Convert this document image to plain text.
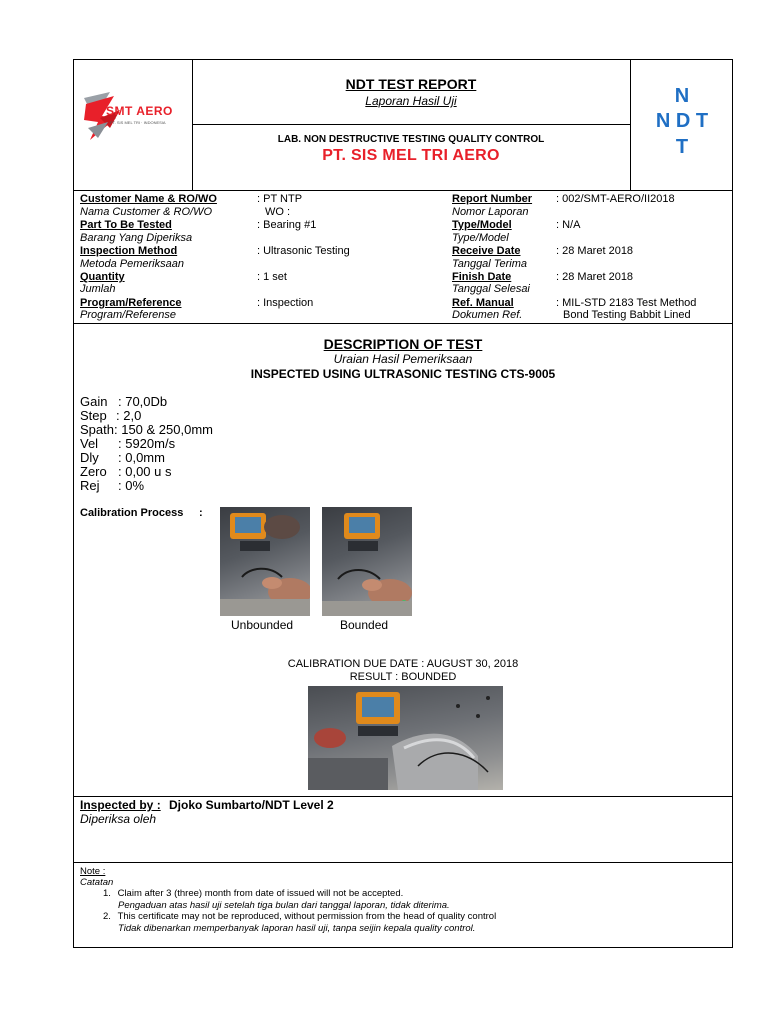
SMT AERO
PT. SIS MEL TRI · INDONESIA
NDT TEST REPORT
Laporan Hasil Uji
LAB. NON DESTRUCTIVE TESTING QUALITY CONTROL
PT. SIS MEL TRI AERO
N
N D T
T
Customer Name & RO/WO
Nama Customer & RO/WO
: PT NTP
WO :
Part To Be Tested
Barang Yang Diperiksa
: Bearing #1
Inspection Method
Metoda Pemeriksaan
: Ultrasonic Testing
Quantity
Jumlah
: 1 set
Program/Reference
Program/Referense
: Inspection
Report Number
Nomor Laporan
: 002/SMT-AERO/II2018
Type/Model
Type/Model
: N/A
Receive Date
Tanggal Terima
: 28 Maret 2018
Finish Date
Tanggal Selesai
: 28 Maret 2018
Ref. Manual
Dokumen Ref.
: MIL-STD 2183 Test Method
Bond Testing Babbit Lined
DESCRIPTION OF TEST
Uraian Hasil Pemeriksaan
INSPECTED USING ULTRASONIC TESTING CTS-9005
Gain : 70,0Db
Step : 2,0
Spath : 150 & 250,0mm
Vel : 5920m/s
Dly : 0,0mm
Zero : 0,00 u s
Rej : 0%
Calibration Process :
Unbounded	Bounded
CALIBRATION DUE DATE : AUGUST 30, 2018
RESULT : BOUNDED
Inspected by : Djoko Sumbarto/NDT Level 2
Diperiksa oleh
Note :
Catatan
1. Claim after 3 (three) month from date of issued will not be accepted.
Pengaduan atas hasil uji setelah tiga bulan dari tanggal laporan, tidak diterima.
2. This certificate may not be reproduced, without permission from the head of quality control
Tidak dibenarkan memperbanyak laporan hasil uji, tanpa seijin kepala quality control.
